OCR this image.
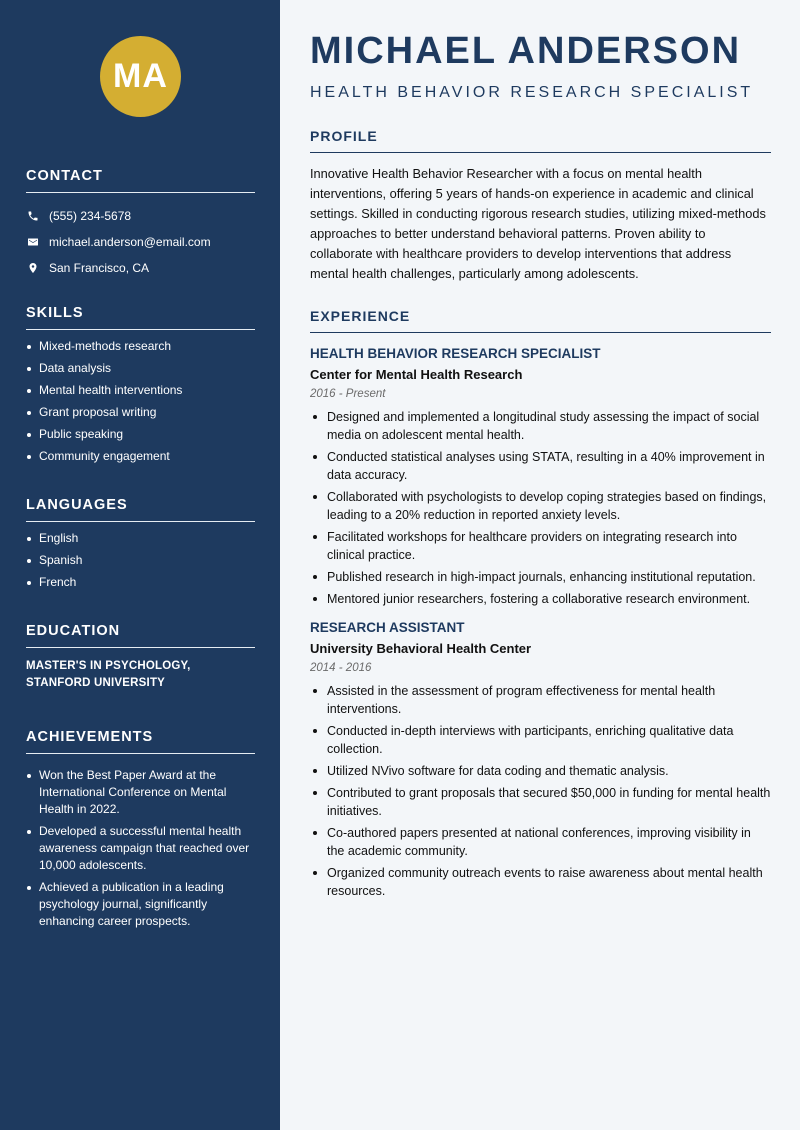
MA
CONTACT
(555) 234-5678
michael.anderson@email.com
San Francisco, CA
SKILLS
Mixed-methods research
Data analysis
Mental health interventions
Grant proposal writing
Public speaking
Community engagement
LANGUAGES
English
Spanish
French
EDUCATION

MASTER'S IN PSYCHOLOGY, STANFORD UNIVERSITY

ACHIEVEMENTS
Won the Best Paper Award at the International Conference on Mental Health in 2022.
Developed a successful mental health awareness campaign that reached over 10,000 adolescents.
Achieved a publication in a leading psychology journal, significantly enhancing career prospects.
MICHAEL ANDERSON
HEALTH BEHAVIOR RESEARCH SPECIALIST
PROFILE

Innovative Health Behavior Researcher with a focus on mental health interventions, offering 5 years of hands-on experience in academic and clinical settings. Skilled in conducting rigorous research studies, utilizing mixed-methods approaches to better understand behavioral patterns. Proven ability to collaborate with healthcare providers to develop interventions that address mental health challenges, particularly among adolescents.

EXPERIENCE
HEALTH BEHAVIOR RESEARCH SPECIALIST
Center for Mental Health Research
2016 - Present
Designed and implemented a longitudinal study assessing the impact of social media on adolescent mental health.
Conducted statistical analyses using STATA, resulting in a 40% improvement in data accuracy.
Collaborated with psychologists to develop coping strategies based on findings, leading to a 20% reduction in reported anxiety levels.
Facilitated workshops for healthcare providers on integrating research into clinical practice.
Published research in high-impact journals, enhancing institutional reputation.
Mentored junior researchers, fostering a collaborative research environment.
RESEARCH ASSISTANT
University Behavioral Health Center
2014 - 2016
Assisted in the assessment of program effectiveness for mental health interventions.
Conducted in-depth interviews with participants, enriching qualitative data collection.
Utilized NVivo software for data coding and thematic analysis.
Contributed to grant proposals that secured $50,000 in funding for mental health initiatives.
Co-authored papers presented at national conferences, improving visibility in the academic community.
Organized community outreach events to raise awareness about mental health resources.
